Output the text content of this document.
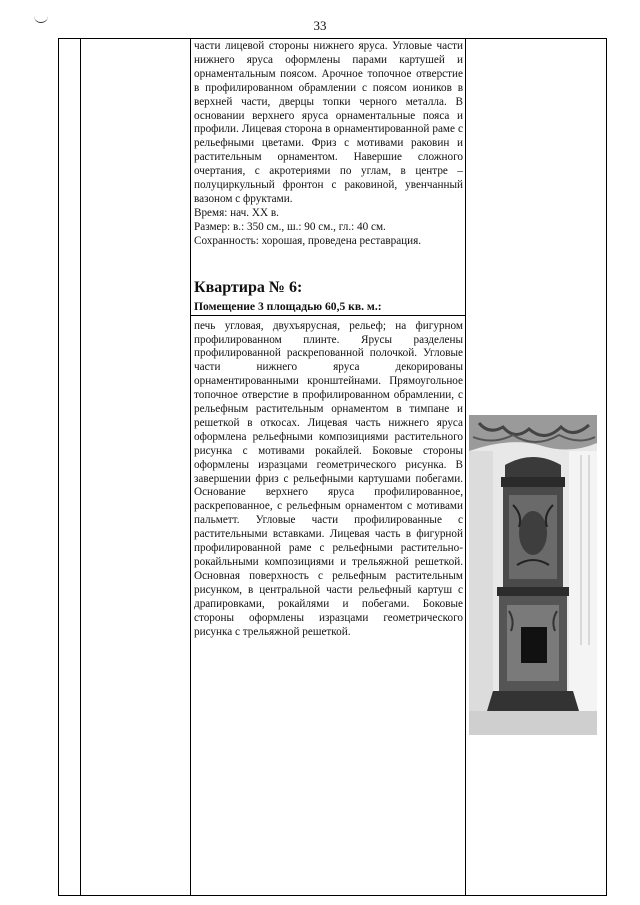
33

части лицевой стороны нижнего яруса. Угловые части нижнего яруса оформлены парами картушей и орнаментальным поясом. Арочное топочное отверстие в профилированном обрамлении с поясом иоников в верхней части, дверцы топки черного металла. В основании верхнего яруса орнаментальные пояса и профили. Лицевая сторона в орнаментированной раме с рельефными цветами. Фриз с мотивами раковин и растительным орнаментом. Навершие сложного очертания, с акротериями по углам, в центре – полуциркульный фронтон с раковиной, увенчанный вазоном с фруктами.

Время: нач. XX в.

Размер: в.: 350 см., ш.: 90 см., гл.: 40 см.

Сохранность: хорошая, проведена реставрация.

Квартира № 6:
Помещение 3 площадью 60,5 кв. м.:

печь угловая, двухъярусная, рельеф; на фигурном профилированном плинте. Ярусы разделены профилированной раскрепованной полочкой. Угловые части нижнего яруса декорированы орнаментированными кронштейнами. Прямоугольное топочное отверстие в профилированном обрамлении, с рельефным растительным орнаментом в тимпане и решеткой в откосах. Лицевая часть нижнего яруса оформлена рельефными композициями растительного рисунка с мотивами рокайлей. Боковые стороны оформлены изразцами геометрического рисунка. В завершении фриз с рельефными картушами побегами. Основание верхнего яруса профилированное, раскрепованное, с рельефным орнаментом с мотивами пальметт. Угловые части профилированные с растительными вставками. Лицевая часть в фигурной профилированной раме с рельефными растительно-рокайльными композициями и трельяжной решеткой. Основная поверхность с рельефным растительным рисунком, в центральной части рельефный картуш с драпировками, рокайлями и побегами. Боковые стороны оформлены изразцами геометрического рисунка с трельяжной решеткой.
